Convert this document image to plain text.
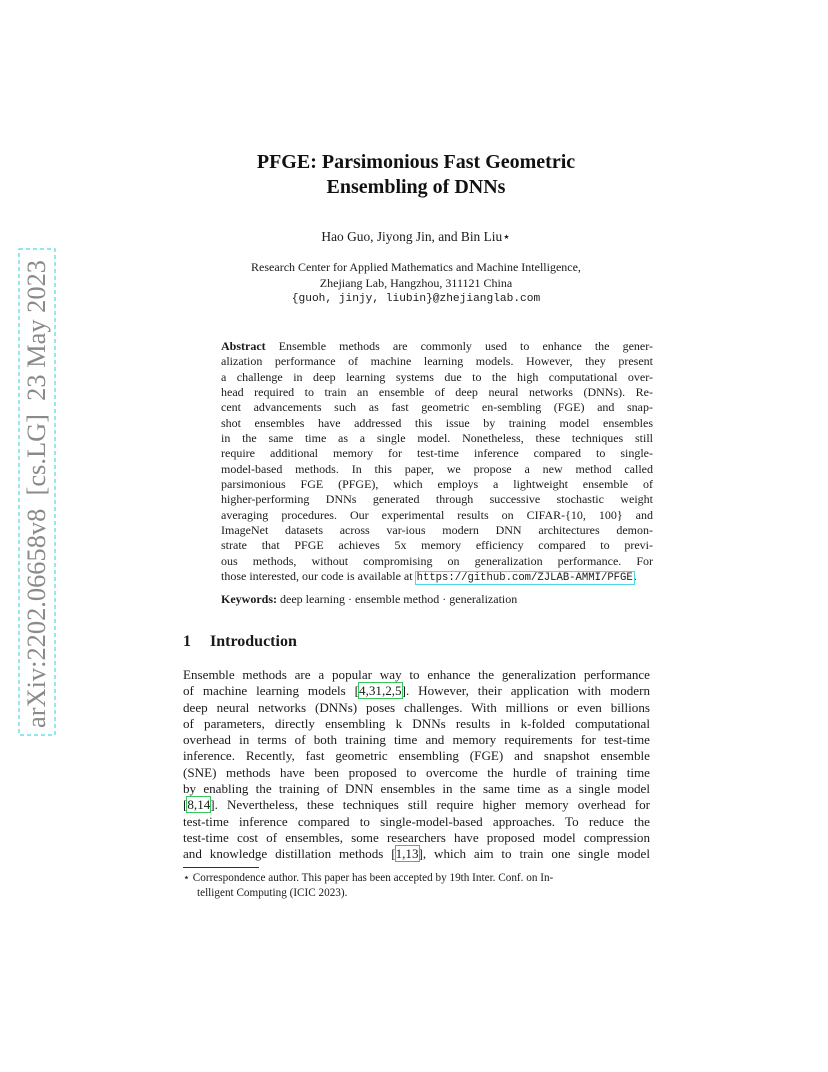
arXiv:2202.06658v8  [cs.LG]  23 May 2023
PFGE: Parsimonious Fast Geometric
Ensembling of DNNs
Hao Guo, Jiyong Jin, and Bin Liu⋆
Research Center for Applied Mathematics and Machine Intelligence,
Zhejiang Lab, Hangzhou, 311121 China
{guoh, jinjy, liubin}@zhejianglab.com
Abstract Ensemble methods are commonly used to enhance the gener-
alization performance of machine learning models. However, they present
a challenge in deep learning systems due to the high computational over-
head required to train an ensemble of deep neural networks (DNNs). Re-
cent advancements such as fast geometric en-sembling (FGE) and snap-
shot ensembles have addressed this issue by training model ensembles
in the same time as a single model. Nonetheless, these techniques still
require additional memory for test-time inference compared to single-
model-based methods. In this paper, we propose a new method called
parsimonious FGE (PFGE), which employs a lightweight ensemble of
higher-performing DNNs generated through successive stochastic weight
averaging procedures. Our experimental results on CIFAR-{10, 100} and
ImageNet datasets across var-ious modern DNN architectures demon-
strate that PFGE achieves 5x memory efficiency compared to previ-
ous methods, without compromising on generalization performance. For
those interested, our code is available at https://github.com/ZJLAB-AMMI/PFGE.
Keywords: deep learning · ensemble method · generalization
1 Introduction
Ensemble methods are a popular way to enhance the generalization performance
of machine learning models [4,31,2,5]. However, their application with modern
deep neural networks (DNNs) poses challenges. With millions or even billions
of parameters, directly ensembling k DNNs results in k-folded computational
overhead in terms of both training time and memory requirements for test-time
inference. Recently, fast geometric ensembling (FGE) and snapshot ensemble
(SNE) methods have been proposed to overcome the hurdle of training time
by enabling the training of DNN ensembles in the same time as a single model
[8,14]. Nevertheless, these techniques still require higher memory overhead for
test-time inference compared to single-model-based approaches. To reduce the
test-time cost of ensembles, some researchers have proposed model compression
and knowledge distillation methods [1,13], which aim to train one single model
⋆ Correspondence author. This paper has been accepted by 19th Inter. Conf. on In-
telligent Computing (ICIC 2023).
